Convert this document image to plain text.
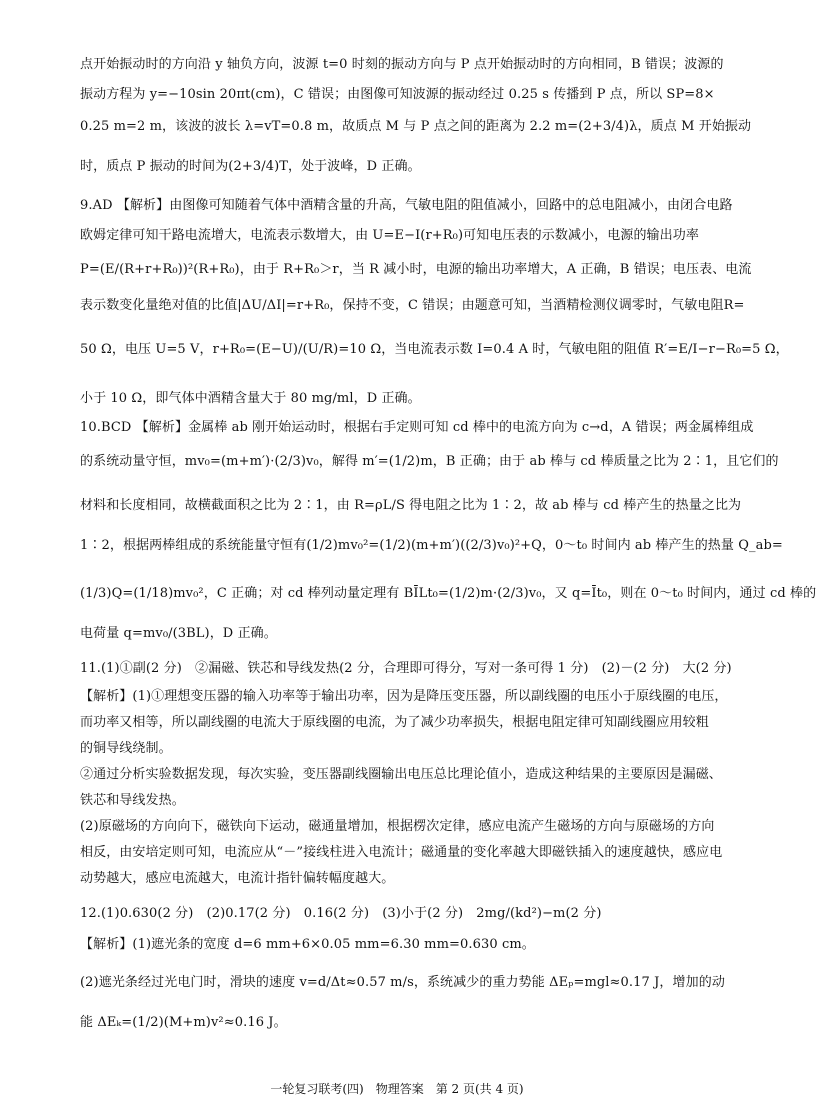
点开始振动时的方向沿 y 轴负方向，波源 t=0 时刻的振动方向与 P 点开始振动时的方向相同，B 错误；波源的
振动方程为 y=−10sin 20πt(cm)，C 错误；由图像可知波源的振动经过 0.25 s 传播到 P 点，所以 SP=8×
0.25 m=2 m，该波的波长 λ=vT=0.8 m，故质点 M 与 P 点之间的距离为 2.2 m=(2+3/4)λ，质点 M 开始振动
时，质点 P 振动的时间为(2+3/4)T，处于波峰，D 正确。
9.AD 【解析】由图像可知随着气体中酒精含量的升高，气敏电阻的阻值减小，回路中的总电阻减小，由闭合电路
欧姆定律可知干路电流增大，电流表示数增大，由 U=E−I(r+R₀)可知电压表的示数减小，电源的输出功率
P=(E/(R+r+R₀))²(R+R₀)，由于 R+R₀＞r，当 R 减小时，电源的输出功率增大，A 正确，B 错误；电压表、电流
表示数变化量绝对值的比值|ΔU/ΔI|=r+R₀，保持不变，C 错误；由题意可知，当酒精检测仪调零时，气敏电阻R=
50 Ω，电压 U=5 V，r+R₀=(E−U)/(U/R)=10 Ω，当电流表示数 I=0.4 A 时，气敏电阻的阻值 R′=E/I−r−R₀=5 Ω，
小于 10 Ω，即气体中酒精含量大于 80 mg/ml，D 正确。
10.BCD 【解析】金属棒 ab 刚开始运动时，根据右手定则可知 cd 棒中的电流方向为 c→d，A 错误；两金属棒组成
的系统动量守恒，mv₀=(m+m′)·(2/3)v₀，解得 m′=(1/2)m，B 正确；由于 ab 棒与 cd 棒质量之比为 2∶1，且它们的
材料和长度相同，故横截面积之比为 2∶1，由 R=ρL/S 得电阻之比为 1∶2，故 ab 棒与 cd 棒产生的热量之比为
1∶2，根据两棒组成的系统能量守恒有(1/2)mv₀²=(1/2)(m+m′)((2/3)v₀)²+Q，0～t₀ 时间内 ab 棒产生的热量 Q_ab=
(1/3)Q=(1/18)mv₀²，C 正确；对 cd 棒列动量定理有 BĪLt₀=(1/2)m·(2/3)v₀，又 q=Īt₀，则在 0～t₀ 时间内，通过 cd 棒的
电荷量 q=mv₀/(3BL)，D 正确。
11.(1)①副(2 分)　②漏磁、铁芯和导线发热(2 分，合理即可得分，写对一条可得 1 分)　(2)－(2 分)　大(2 分)
【解析】(1)①理想变压器的输入功率等于输出功率，因为是降压变压器，所以副线圈的电压小于原线圈的电压，
而功率又相等，所以副线圈的电流大于原线圈的电流，为了减少功率损失，根据电阻定律可知副线圈应用较粗
的铜导线绕制。
②通过分析实验数据发现，每次实验，变压器副线圈输出电压总比理论值小，造成这种结果的主要原因是漏磁、
铁芯和导线发热。
(2)原磁场的方向向下，磁铁向下运动，磁通量增加，根据楞次定律，感应电流产生磁场的方向与原磁场的方向
相反，由安培定则可知，电流应从“－”接线柱进入电流计；磁通量的变化率越大即磁铁插入的速度越快，感应电
动势越大，感应电流越大，电流计指针偏转幅度越大。
12.(1)0.630(2 分)　(2)0.17(2 分)　0.16(2 分)　(3)小于(2 分)　2mg/(kd²)−m(2 分)
【解析】(1)遮光条的宽度 d=6 mm+6×0.05 mm=6.30 mm=0.630 cm。
(2)遮光条经过光电门时，滑块的速度 v=d/Δt≈0.57 m/s，系统减少的重力势能 ΔEₚ=mgl≈0.17 J，增加的动
能 ΔEₖ=(1/2)(M+m)v²≈0.16 J。
一轮复习联考(四)　物理答案　第 2 页(共 4 页)
